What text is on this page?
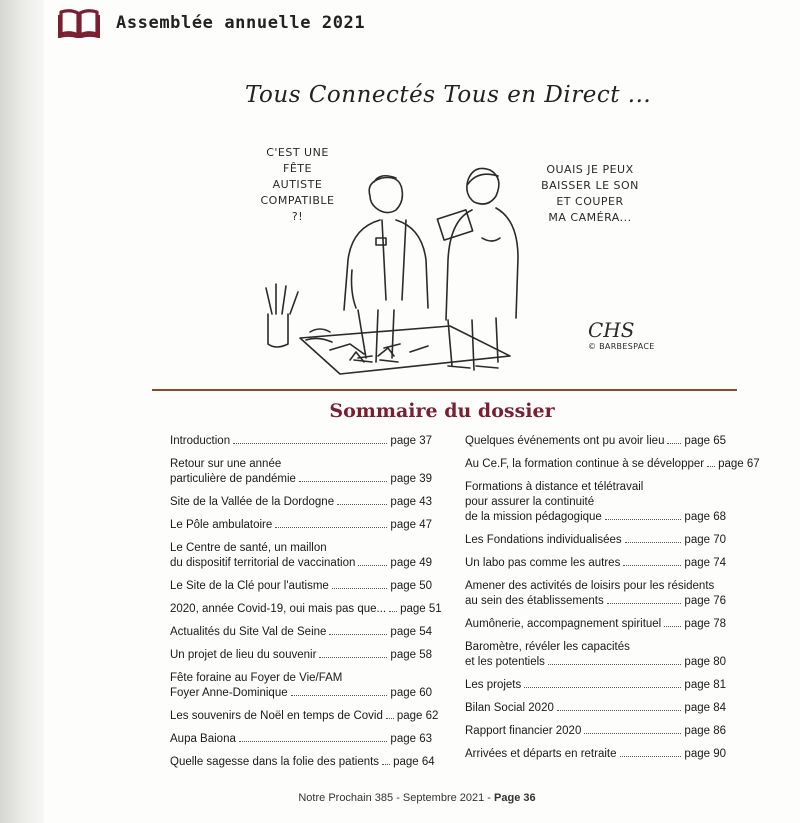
Assemblée annuelle 2021
Tous Connectés Tous en Direct ...
C'EST UNE
FÊTE
AUTISTE
COMPATIBLE
?!
OUAIS JE PEUX
BAISSER LE SON
ET COUPER
MA CAMÉRA...
CHS
© BARBESPACE
Sommaire du dossier
Introduction	page 37
Retour sur une année
particulière de pandémie	page 39
Site de la Vallée de la Dordogne	page 43
Le Pôle ambulatoire	page 47
Le Centre de santé, un maillon
du dispositif territorial de vaccination	page 49
Le Site de la Clé pour l'autisme	page 50
2020, année Covid-19, oui mais pas que... page 51
Actualités du Site Val de Seine	page 54
Un projet de lieu du souvenir	page 58
Fête foraine au Foyer de Vie/FAM
Foyer Anne-Dominique	page 60
Les souvenirs de Noël en temps de Covid page 62
Aupa Baiona	page 63
Quelle sagesse dans la folie des patients page 64
Quelques événements ont pu avoir lieu page 65
Au Ce.F, la formation continue à se développer page 67
Formations à distance et télétravail
pour assurer la continuité
de la mission pédagogique	page 68
Les Fondations individualisées	page 70
Un labo pas comme les autres	page 74
Amener des activités de loisirs pour les résidents
au sein des établissements	page 76
Aumônerie, accompagnement spirituel page 78
Baromètre, révéler les capacités
et les potentiels	page 80
Les projets	page 81
Bilan Social 2020	page 84
Rapport financier 2020	page 86
Arrivées et départs en retraite	page 90
Notre Prochain 385 - Septembre 2021 - Page 36
